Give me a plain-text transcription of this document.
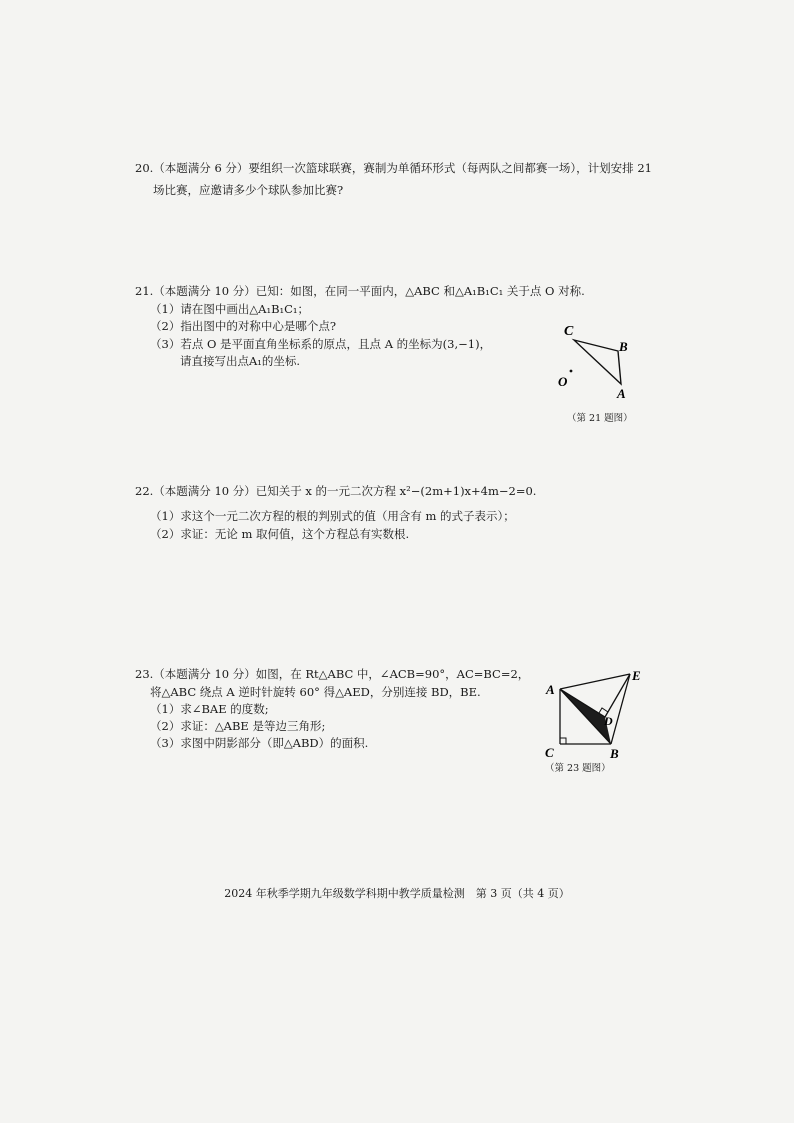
20.（本题满分 6 分）要组织一次篮球联赛，赛制为单循环形式（每两队之间都赛一场），计划安排 21
场比赛，应邀请多少个球队参加比赛?
21.（本题满分 10 分）已知：如图，在同一平面内，△ABC 和△A₁B₁C₁ 关于点 O 对称.
（1）请在图中画出△A₁B₁C₁；
（2）指出图中的对称中心是哪个点?
（3）若点 O 是平面直角坐标系的原点，且点 A 的坐标为(3,−1)，
请直接写出点A₁的坐标.
C
B
A
O
（第 21 题图）
22.（本题满分 10 分）已知关于 x 的一元二次方程 x²−(2m+1)x+4m−2=0.
（1）求这个一元二次方程的根的判别式的值（用含有 m 的式子表示）；
（2）求证：无论 m 取何值，这个方程总有实数根.
23.（本题满分 10 分）如图，在 Rt△ABC 中，∠ACB=90°，AC=BC=2，
将△ABC 绕点 A 逆时针旋转 60° 得△AED，分别连接 BD，BE.
（1）求∠BAE 的度数;
（2）求证：△ABE 是等边三角形;
（3）求图中阴影部分（即△ABD）的面积.
A
E
D
C	B
（第 23 题图）
2024 年秋季学期九年级数学科期中教学质量检测　第 3 页（共 4 页）
